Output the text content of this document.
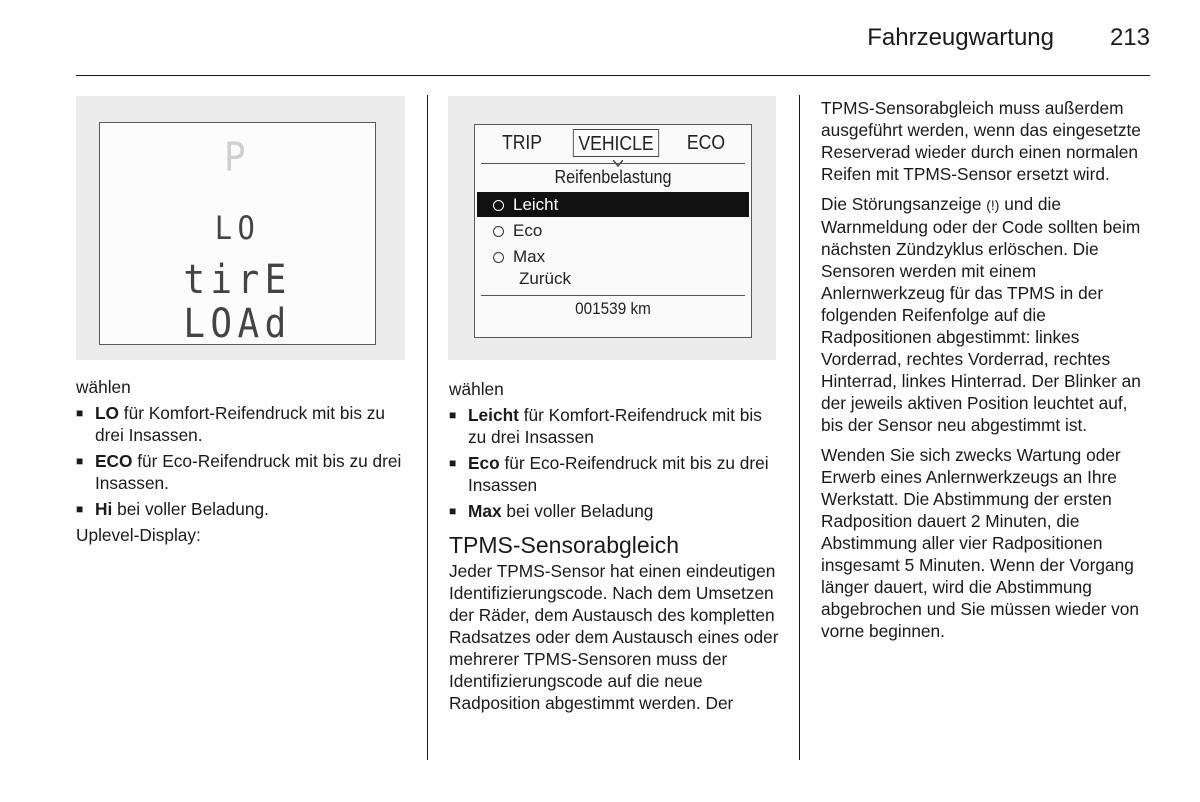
Fahrzeugwartung	213
P
LO
tirE
LOAd
TRIP	VEHICLE	ECO
Reifenbelastung
Leicht
Eco
Max
Zurück
001539 km

wählen

■ LO für Komfort-Reifendruck mit bis zu drei Insassen.
■ ECO für Eco-Reifendruck mit bis zu drei Insassen.
■ Hi bei voller Beladung.

Uplevel-Display:

wählen

■ Leicht für Komfort-Reifendruck mit bis zu drei Insassen
■ Eco für Eco-Reifendruck mit bis zu drei Insassen
■ Max bei voller Beladung
TPMS-Sensorabgleich

Jeder TPMS-Sensor hat einen eindeutigen Identifizierungscode. Nach dem Umsetzen der Räder, dem Austausch des kompletten Radsatzes oder dem Austausch eines oder mehrerer TPMS-Sensoren muss der Identifizierungscode auf die neue Radposition abgestimmt werden. Der

TPMS-Sensorabgleich muss außerdem ausgeführt werden, wenn das eingesetzte Reserverad wieder durch einen normalen Reifen mit TPMS-Sensor ersetzt wird.

Die Störungsanzeige (!) und die Warnmeldung oder der Code sollten beim nächsten Zündzyklus erlöschen. Die Sensoren werden mit einem Anlernwerkzeug für das TPMS in der folgenden Reifenfolge auf die Radpositionen abgestimmt: linkes Vorderrad, rechtes Vorderrad, rechtes Hinterrad, linkes Hinterrad. Der Blinker an der jeweils aktiven Position leuchtet auf, bis der Sensor neu abgestimmt ist.

Wenden Sie sich zwecks Wartung oder Erwerb eines Anlernwerkzeugs an Ihre Werkstatt. Die Abstimmung der ersten Radposition dauert 2 Minuten, die Abstimmung aller vier Radpositionen insgesamt 5 Minuten. Wenn der Vorgang länger dauert, wird die Abstimmung abgebrochen und Sie müssen wieder von vorne beginnen.
